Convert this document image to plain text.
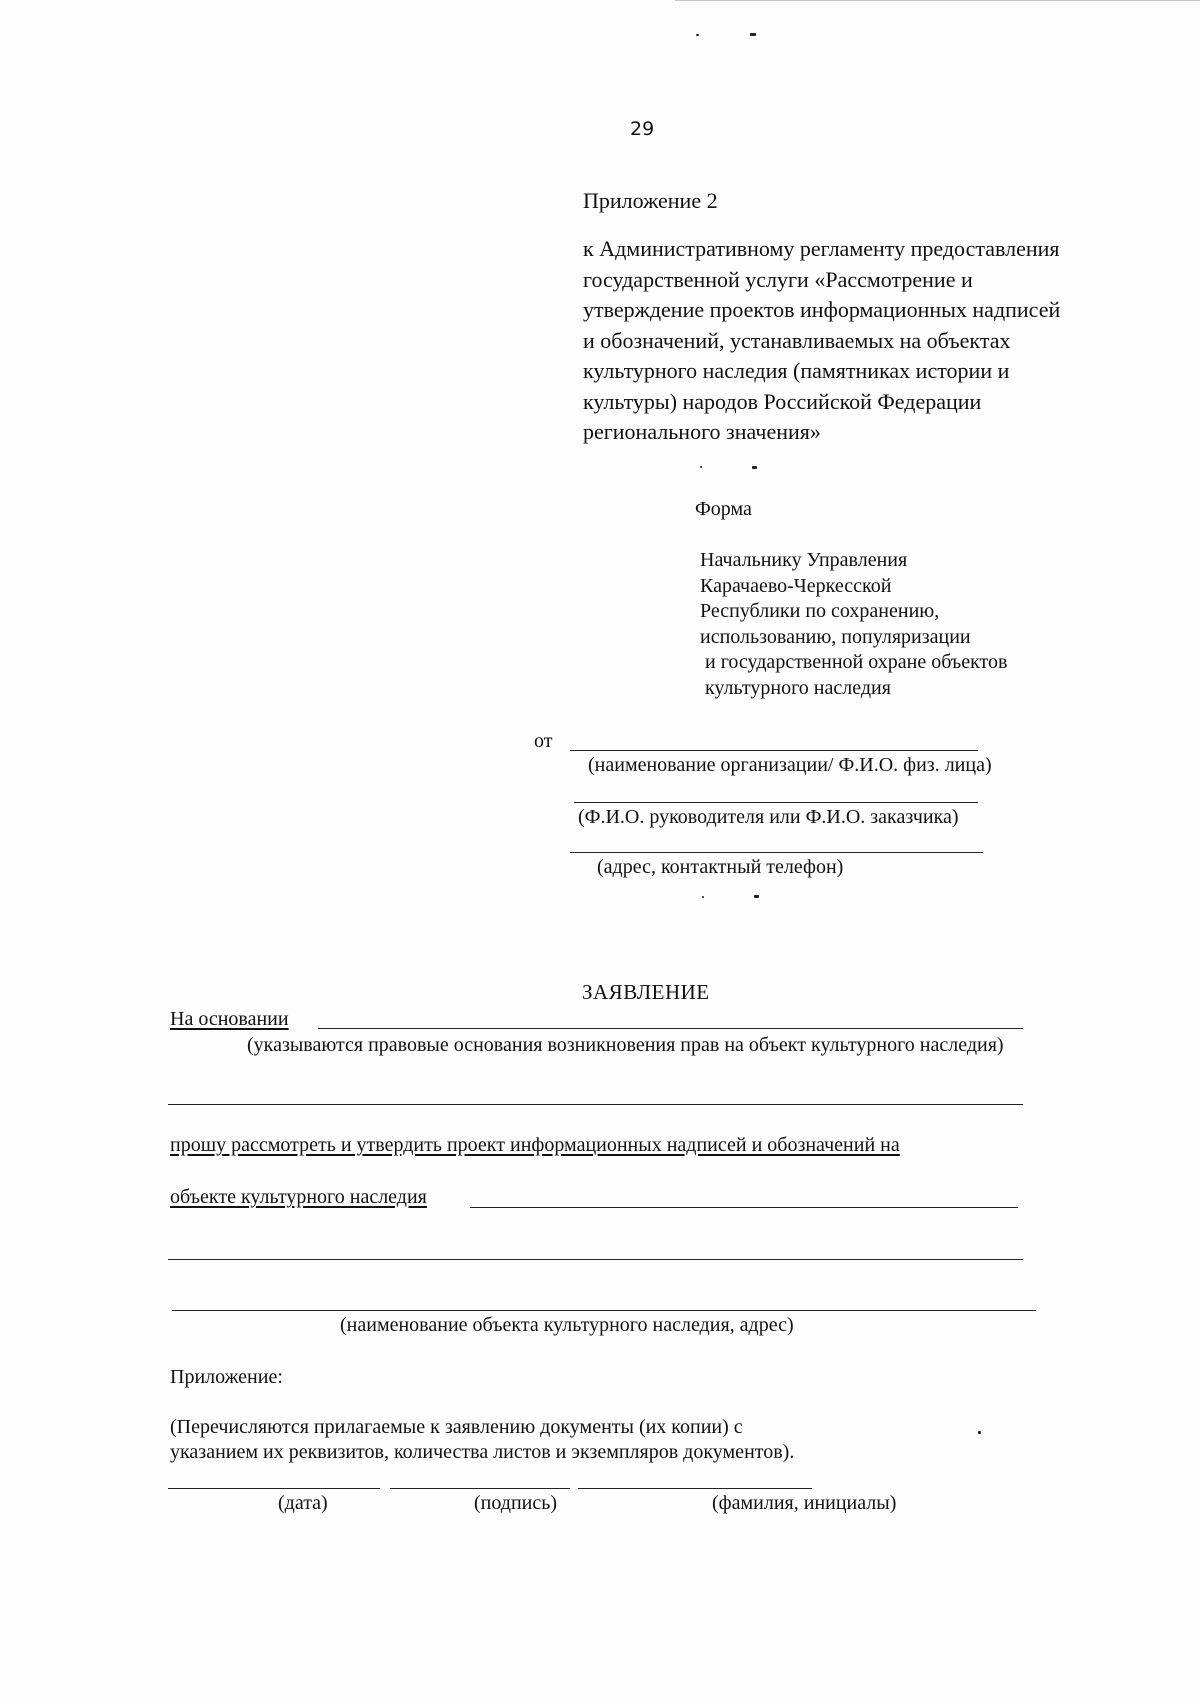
29
Приложение 2
к Административному регламенту предоставления
государственной услуги «Рассмотрение и
утверждение проектов информационных надписей
и обозначений, устанавливаемых на объектах
культурного наследия (памятниках истории и
культуры) народов Российской Федерации
регионального значения»
Форма
Начальнику Управления
Карачаево-Черкесской
Республики по сохранению,
использованию, популяризации
и государственной охране объектов
культурного наследия
от
(наименование организации/ Ф.И.О. физ. лица)
(Ф.И.О. руководителя или Ф.И.О. заказчика)
(адрес, контактный телефон)
ЗАЯВЛЕНИЕ
На основании
(указываются правовые основания возникновения прав на объект культурного наследия)
прошу рассмотреть и утвердить проект информационных надписей и обозначений на
объекте культурного наследия
(наименование объекта культурного наследия, адрес)
Приложение:
(Перечисляются прилагаемые к заявлению документы (их копии) с
указанием их реквизитов, количества листов и экземпляров документов).
(дата)	(подпись)	(фамилия, инициалы)
